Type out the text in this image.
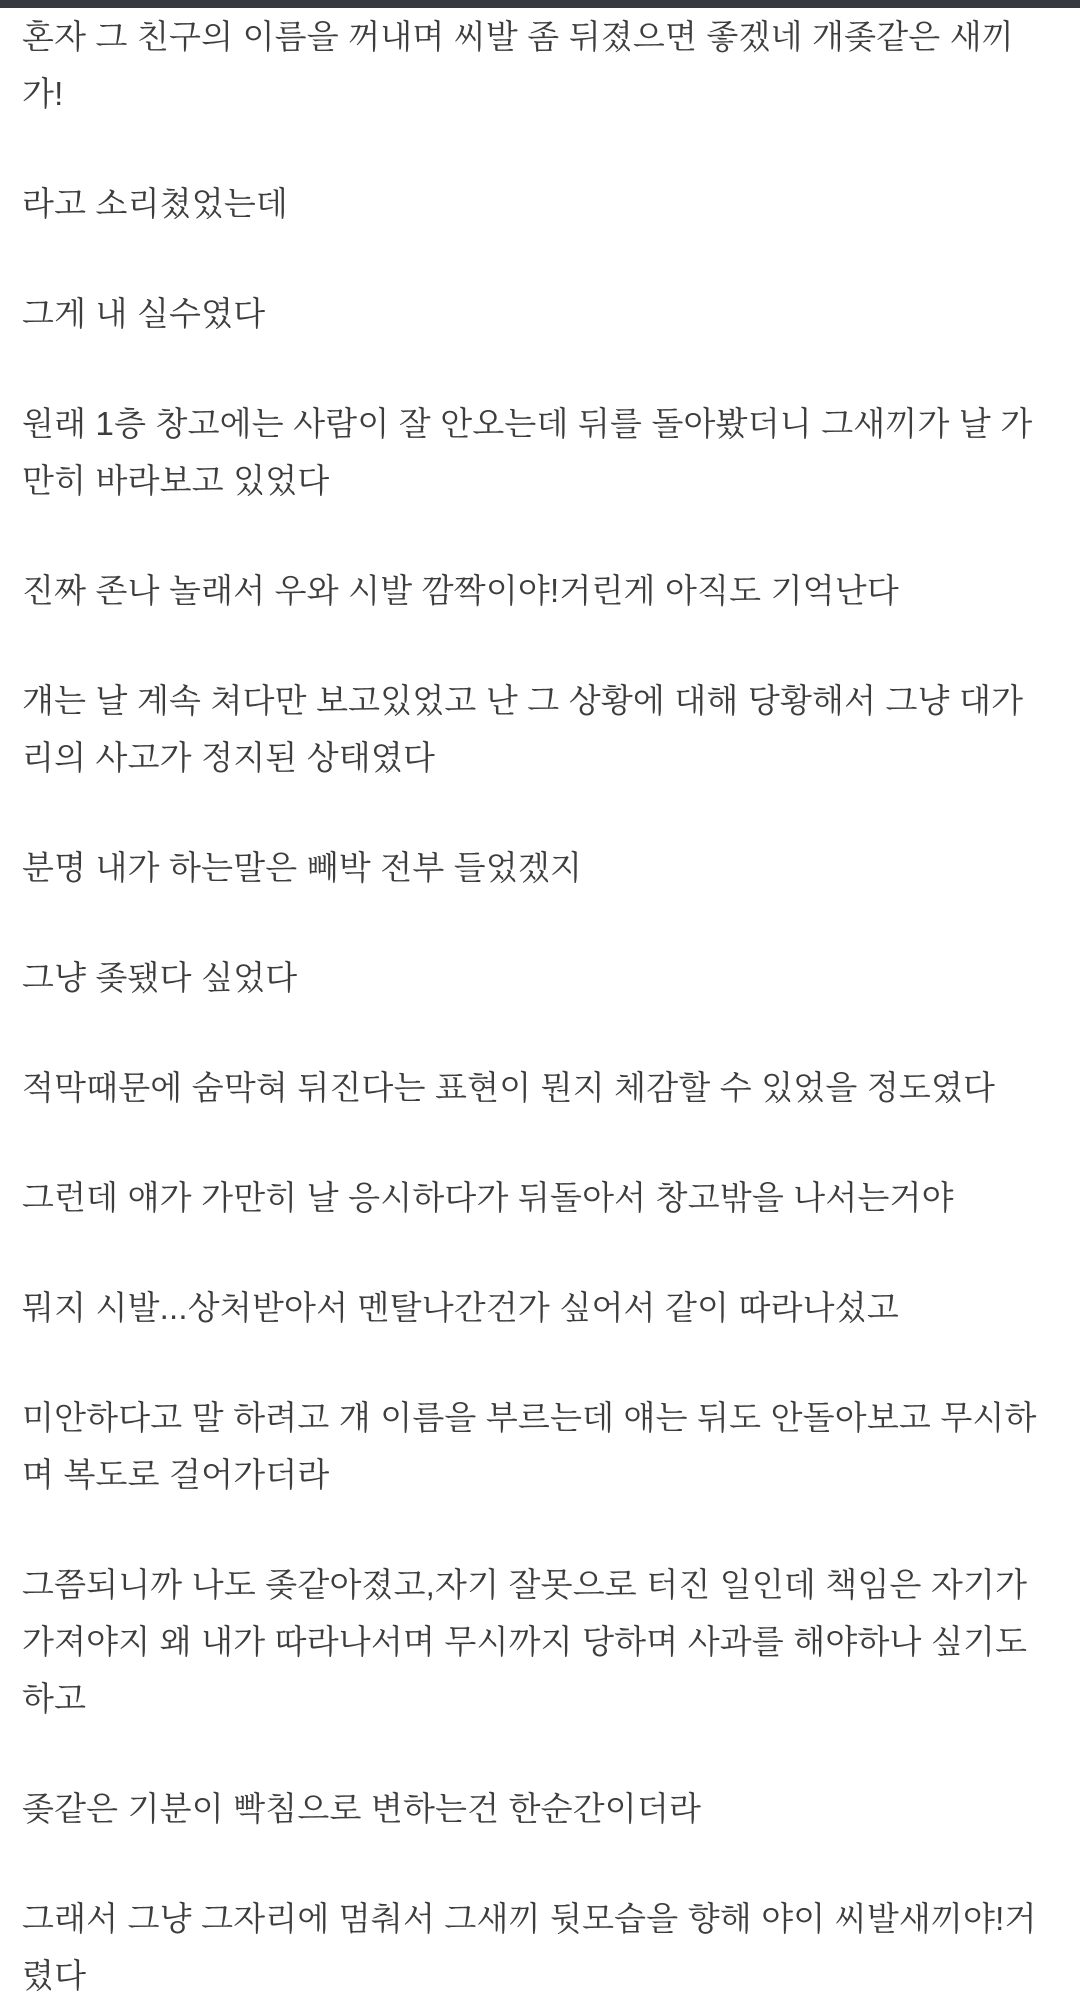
혼자 그 친구의 이름을 꺼내며 씨발 좀 뒤졌으면 좋겠네 개좆같은 새끼
가!

라고 소리쳤었는데

그게 내 실수였다

원래 1층 창고에는 사람이 잘 안오는데 뒤를 돌아봤더니 그새끼가 날 가
만히 바라보고 있었다

진짜 존나 놀래서 우와 시발 깜짝이야!거린게 아직도 기억난다

걔는 날 계속 쳐다만 보고있었고 난 그 상황에 대해 당황해서 그냥 대가
리의 사고가 정지된 상태였다

분명 내가 하는말은 빼박 전부 들었겠지

그냥 좆됐다 싶었다

적막때문에 숨막혀 뒤진다는 표현이 뭔지 체감할 수 있었을 정도였다

그런데 얘가 가만히 날 응시하다가 뒤돌아서 창고밖을 나서는거야

뭐지 시발...상처받아서 멘탈나간건가 싶어서 같이 따라나섰고

미안하다고 말 하려고 걔 이름을 부르는데 얘는 뒤도 안돌아보고 무시하
며 복도로 걸어가더라

그쯤되니까 나도 좆같아졌고,자기 잘못으로 터진 일인데 책임은 자기가
가져야지 왜 내가 따라나서며 무시까지 당하며 사과를 해야하나 싶기도
하고

좆같은 기분이 빡침으로 변하는건 한순간이더라

그래서 그냥 그자리에 멈춰서 그새끼 뒷모습을 향해 야이 씨발새끼야!거
렸다
